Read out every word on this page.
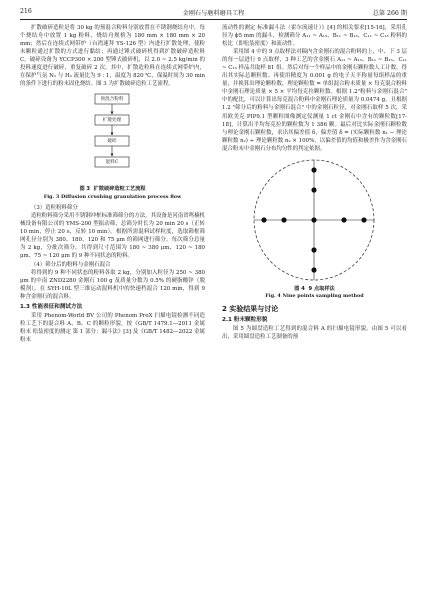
216	金刚石与磨料磨具工程	总第 266 期

扩散破碎造粒是将 30 kg 的预混合粉料分别放置在不锈钢烧结舟中，每个烧结舟中放置 1 kg 粉料，烧结舟规格为 180 mm × 180 mm × 20 mm；然后在连续式网带炉（台湾速拜 YS-126 型）内进行扩散处理，使粉末颗粒通过扩散的方式进行黏结；再通过锤式破碎机得到扩散破碎造粒料 C。破碎设备为 YCCP300 × 200 型锤式破碎机，以 2.0 ~ 2.5 kg/min 的投料速度进行破碎，重复破碎 2 次。其中，扩散造粒料在连续式网带炉内，在保护气氛 N₂ 与 H₂ 流量比为 9 : 1，温度为 820 ℃，保温时间为 30 min 的条件下进行的粉末固化烧结。图 3 为扩散破碎造粒工艺流程。

预混合粉料
扩散处理
破碎
混料C
图 3 扩散破碎造粒工艺流程
Fig. 3 Diffusion crushing granulation process flow

（3）造粒粉料筛分

造粒粉料筛分采用不锈钢冲框标准筛筛分的方法，其设备是河南省鸣楠机械设备有限公司的 YMS-200 型振动筛，总筛分时长为 20 min 20 s（正转 10 min，停止 20 s，反转 10 min）。根据所需混料试样粒度，选取筛框筛网孔径分别为 380、180、120 和 75 μm 的筛网进行筛分。每次筛分总量为 2 kg，分批次筛分，共得到尺寸范围为 180 ~ 380 μm、120 ~ 180 μm、75 ~ 120 μm 的 9 种不同状态的粉料。

（4）筛分后的粉料与金刚石混合

将得到的 9 种不同状态的粉料各取 2 kg，分别加入粒径为 250 ~ 380 μm 的中南 ZND2280 金刚石 100 g 及质量分数为 0.5% 的硬脂酸锌（脱模剂），在 SYH-10L 型三维运动混料机中的快速档混合 120 min，得到 9 种含金刚石的混合料。

1.3 性能表征和测试方法

采用 Phenom-World BV 公司的 Phenom ProX 扫描电镜检测不同造粒工艺下的混合料 A、B、C 的颗粒形貌。按《GB/T 1479.1—2011 金属粉末 松装密度的测定 第 1 部分：漏斗法》[3] 及《GB/T 1482—2022 金属粉末

流动性的测定 标准漏斗法（霍尔流速计）》[4] 的相关要求[15-16]，采用孔径为 ϕ5 mm 的漏斗，检测筛分 A₁₁ ~ A₁₃、B₁₁ ~ B₁₃、C₁₁ ~ C₁₃ 粉料的松比（即松装密度）和流动性。

采用图 4 中的 9 点取样法对稿内含金刚石的混合粉料的上、中、下 3 层的每一层进行 9 点取样，3 种工艺的含金刚石 A₁₁ ~ A₁₃、B₁₁ ~ B₁₃、C₁₁ ~ C₁₃ 样品共取样 81 组。然后对每一个样品中的金刚石颗粒数人工计数，得出其实际总颗粒数。再使用精度为 0.001 g 的电子天平称量每组样品的重量，并换算出理论颗粒数，理论颗粒数 = 单组混合粉末质量 × 每克混合粉料中金刚石理论质量 × 5 × 平均每克拉颗粒数。根据 1.2"粉料与金刚石混合" 中的配比，可以计算出每克混合粉料中金刚石理论质量为 0.0474 g。且根据 1.2 "筛分后的粉料与金刚石混合" 中的金刚石粒径，对金刚石取样 5 次，采用欧美克 PIP9.1 型颗粒图像测定仪测量 1 ct 金刚石中含有的颗粒数[17-18]，计算出平均每克拉的颗粒数为 1 386 颗。最后对比实际金刚石颗粒数与理论金刚石颗粒数，求出其偏差值 δ，偏差值 δ = (实际颗粒数 n₁ − 理论颗粒数 n₂) ÷ 理论颗粒数 n₂ × 100%，以偏差值的均值和极差作为含金刚石混合粉末中金刚石分布均匀性的判定依据。

图 4 9 点取样法
Fig. 4 Nine points sampling method
2 实验结果与讨论
2.1 粉末颗粒形貌

图 5 为圆盘造粒工艺得到的混合料 A 的扫描电镜形貌。由图 5 可以看出，采用圆盘造粒工艺制备的预
